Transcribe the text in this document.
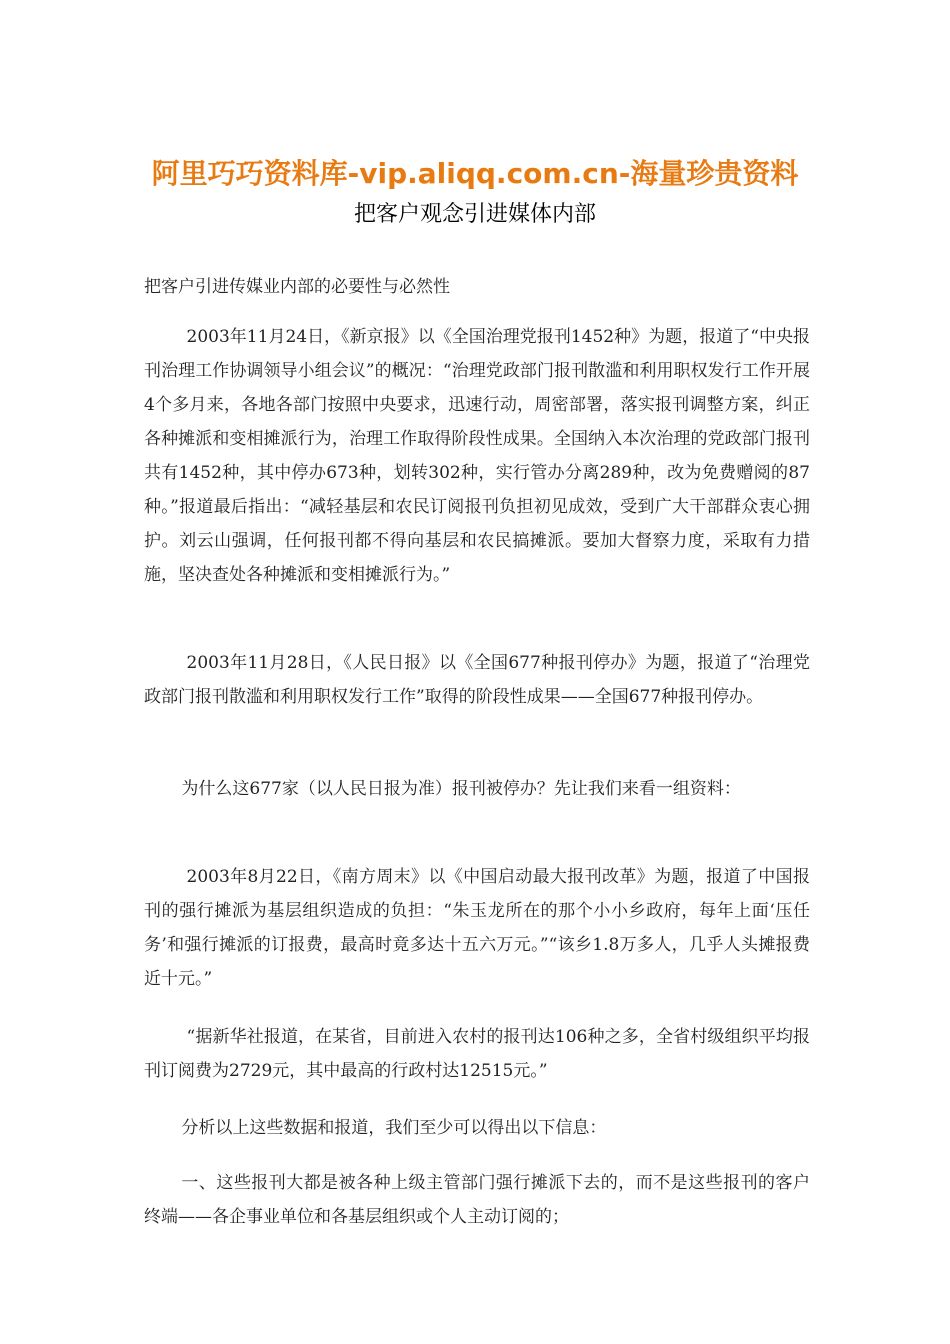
阿里巧巧资料库-vip.aliqq.com.cn-海量珍贵资料
把客户观念引进媒体内部

把客户引进传媒业内部的必要性与必然性

2003年11月24日，《新京报》以《全国治理党报刊1452种》为题，报道了“中央报刊治理工作协调领导小组会议”的概况：“治理党政部门报刊散滥和利用职权发行工作开展4个多月来，各地各部门按照中央要求，迅速行动，周密部署，落实报刊调整方案，纠正各种摊派和变相摊派行为，治理工作取得阶段性成果。全国纳入本次治理的党政部门报刊共有1452种，其中停办673种，划转302种，实行管办分离289种，改为免费赠阅的87种。”报道最后指出：“减轻基层和农民订阅报刊负担初见成效，受到广大干部群众衷心拥护。刘云山强调，任何报刊都不得向基层和农民搞摊派。要加大督察力度，采取有力措施，坚决查处各种摊派和变相摊派行为。”

2003年11月28日，《人民日报》以《全国677种报刊停办》为题，报道了“治理党政部门报刊散滥和利用职权发行工作”取得的阶段性成果——全国677种报刊停办。

为什么这677家（以人民日报为准）报刊被停办？先让我们来看一组资料：

2003年8月22日，《南方周末》以《中国启动最大报刊改革》为题，报道了中国报刊的强行摊派为基层组织造成的负担：“朱玉龙所在的那个小小乡政府，每年上面‘压任务’和强行摊派的订报费，最高时竟多达十五六万元。”“该乡1.8万多人，几乎人头摊报费近十元。”

“据新华社报道，在某省，目前进入农村的报刊达106种之多，全省村级组织平均报刊订阅费为2729元，其中最高的行政村达12515元。”

分析以上这些数据和报道，我们至少可以得出以下信息：

一、这些报刊大都是被各种上级主管部门强行摊派下去的，而不是这些报刊的客户终端——各企事业单位和各基层组织或个人主动订阅的；
